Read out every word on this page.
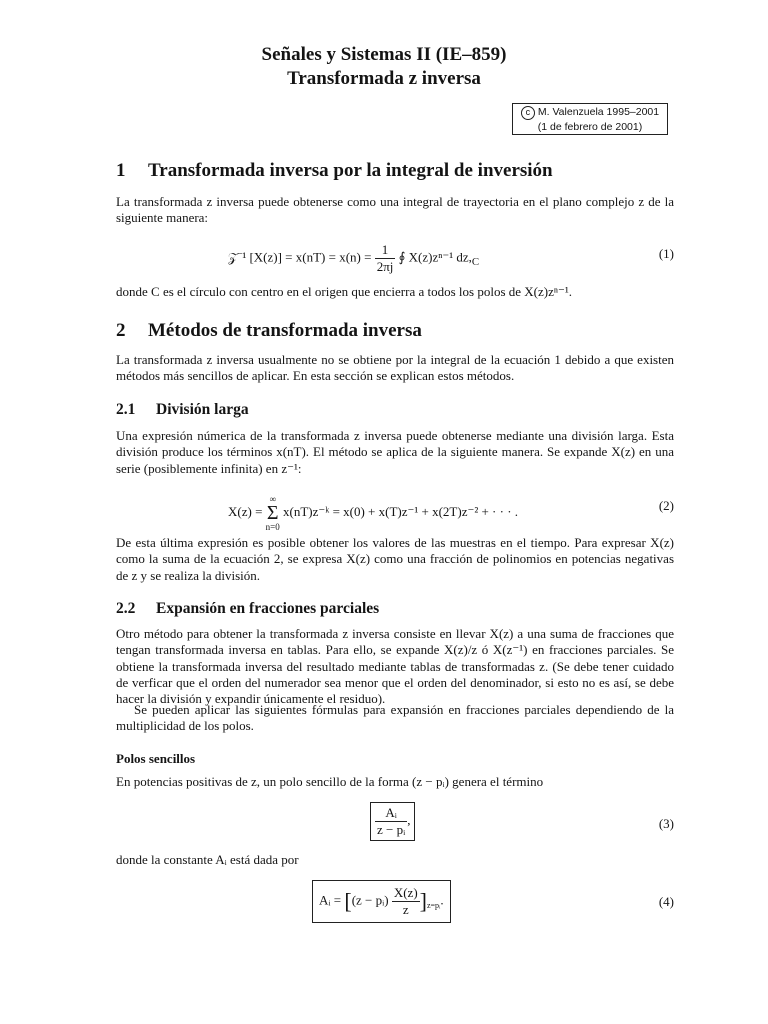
Señales y Sistemas II (IE–859)
Transformada z inversa
c M. Valenzuela 1995–2001
(1 de febrero de 2001)
1 Transformada inversa por la integral de inversión
La transformada z inversa puede obtenerse como una integral de trayectoria en el plano complejo z de la siguiente manera:
𝒵⁻¹ $[X(z)] = x(nT) = x(n) = \frac{1}{2\pi j}$ ∮ X(z)zⁿ⁻¹ $dz,_C$
(1)
donde C es el círculo con centro en el origen que encierra a todos los polos de X(z)zⁿ⁻¹.
2 Métodos de transformada inversa
La transformada z inversa usualmente no se obtiene por la integral de la ecuación 1 debido a que existen métodos más sencillos de aplicar. En esta sección se explican estos métodos.
2.1 División larga
Una expresión númerica de la transformada z inversa puede obtenerse mediante una división larga. Esta división produce los términos x(nT). El método se aplica de la siguiente manera. Se expande X(z) en una serie (posiblemente infinita) en z⁻¹:
X(z) =
∞
Σ
n=0
x(nT)z⁻ᵏ = x(0) + x(T)z⁻¹ + x(2T)z⁻² + · · · .	(2)
De esta última expresión es posible obtener los valores de las muestras en el tiempo. Para expresar X(z) como la suma de la ecuación 2, se expresa X(z) como una fracción de polinomios en potencias negativas de z y se realiza la división.
2.2 Expansión en fracciones parciales
Otro método para obtener la transformada z inversa consiste en llevar X(z) a una suma de fracciones que tengan transformada inversa en tablas. Para ello, se expande X(z)/z ó X(z⁻¹) en fracciones parciales. Se obtiene la transformada inversa del resultado mediante tablas de transformadas z. (Se debe tener cuidado de verficar que el orden del numerador sea menor que el orden del denominador, si esto no es así, se debe hacer la división y expandir únicamente el residuo).
Se pueden aplicar las siguientes fórmulas para expansión en fracciones parciales dependiendo de la multiplicidad de los polos.
Polos sencillos
En potencias positivas de z, un polo sencillo de la forma (z − pᵢ) genera el término
$\frac{\text{Aᵢ}}{\text{z − pᵢ}}$ ,	(3)
donde la constante Aᵢ está dada por
Aᵢ = [(z − pᵢ) $\frac{X(z)}{z} ]_{z=pᵢ}$.	(4)
